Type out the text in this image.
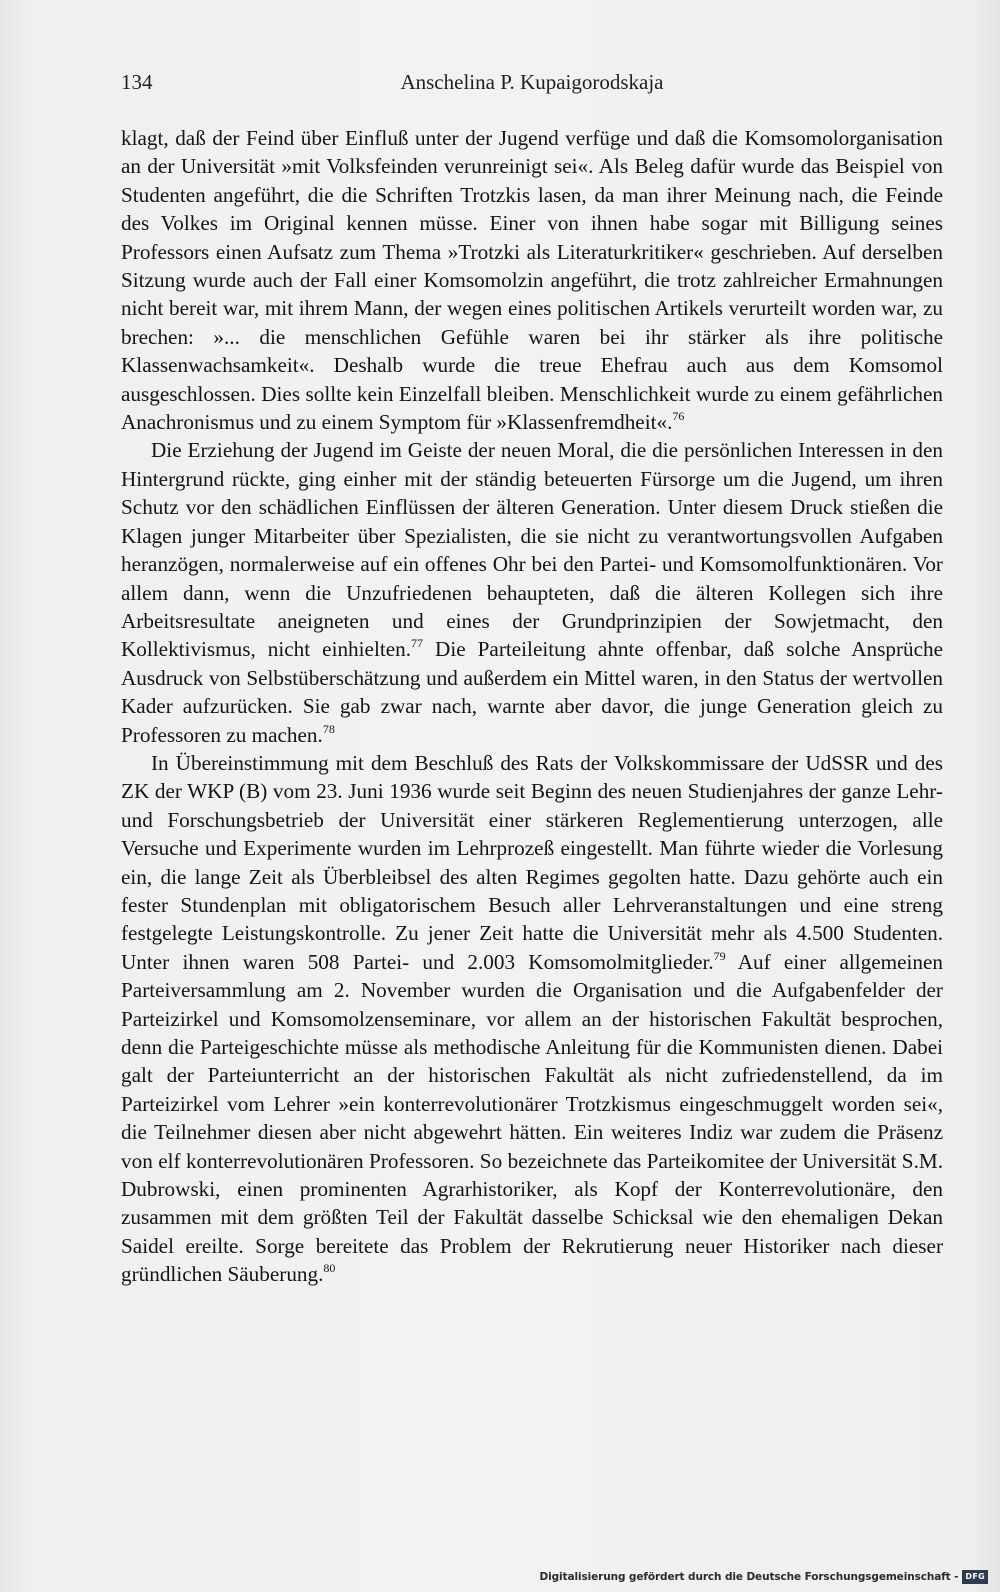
134	Anschelina P. Kupaigorodskaja

klagt, daß der Feind über Einfluß unter der Jugend verfüge und daß die Komsomolorganisation an der Universität »mit Volksfeinden verunreinigt sei«. Als Beleg dafür wurde das Beispiel von Studenten angeführt, die die Schriften Trotzkis lasen, da man ihrer Meinung nach, die Feinde des Volkes im Original kennen müsse. Einer von ihnen habe sogar mit Billigung seines Professors einen Aufsatz zum Thema »Trotzki als Literaturkritiker« geschrieben. Auf derselben Sitzung wurde auch der Fall einer Komsomolzin angeführt, die trotz zahlreicher Ermahnungen nicht bereit war, mit ihrem Mann, der wegen eines politischen Artikels verurteilt worden war, zu brechen: »... die menschlichen Gefühle waren bei ihr stärker als ihre politische Klassenwachsamkeit«. Deshalb wurde die treue Ehefrau auch aus dem Komsomol ausgeschlossen. Dies sollte kein Einzelfall bleiben. Menschlichkeit wurde zu einem gefährlichen Anachronismus und zu einem Symptom für »Klassenfremdheit«.$^{76}$

Die Erziehung der Jugend im Geiste der neuen Moral, die die persönlichen Interessen in den Hintergrund rückte, ging einher mit der ständig beteuerten Fürsorge um die Jugend, um ihren Schutz vor den schädlichen Einflüssen der älteren Generation. Unter diesem Druck stießen die Klagen junger Mitarbeiter über Spezialisten, die sie nicht zu verantwortungsvollen Aufgaben heranzögen, normalerweise auf ein offenes Ohr bei den Partei- und Komsomolfunktionären. Vor allem dann, wenn die Unzufriedenen behaupteten, daß die älteren Kollegen sich ihre Arbeitsresultate aneigneten und eines der Grundprinzipien der Sowjetmacht, den Kollektivismus, nicht einhielten.$^{77}$ Die Parteileitung ahnte offenbar, daß solche Ansprüche Ausdruck von Selbstüberschätzung und außerdem ein Mittel waren, in den Status der wertvollen Kader aufzurücken. Sie gab zwar nach, warnte aber davor, die junge Generation gleich zu Professoren zu machen.$^{78}$

In Übereinstimmung mit dem Beschluß des Rats der Volkskommissare der UdSSR und des ZK der WKP (B) vom 23. Juni 1936 wurde seit Beginn des neuen Studienjahres der ganze Lehr- und Forschungsbetrieb der Universität einer stärkeren Reglementierung unterzogen, alle Versuche und Experimente wurden im Lehrprozeß eingestellt. Man führte wieder die Vorlesung ein, die lange Zeit als Überbleibsel des alten Regimes gegolten hatte. Dazu gehörte auch ein fester Stundenplan mit obligatorischem Besuch aller Lehrveranstaltungen und eine streng festgelegte Leistungskontrolle. Zu jener Zeit hatte die Universität mehr als 4.500 Studenten. Unter ihnen waren 508 Partei- und 2.003 Komsomolmitglieder.$^{79}$ Auf einer allgemeinen Parteiversammlung am 2. November wurden die Organisation und die Aufgabenfelder der Parteizirkel und Komsomolzenseminare, vor allem an der historischen Fakultät besprochen, denn die Parteigeschichte müsse als methodische Anleitung für die Kommunisten dienen. Dabei galt der Parteiunterricht an der historischen Fakultät als nicht zufriedenstellend, da im Parteizirkel vom Lehrer »ein konterrevolutionärer Trotzkismus eingeschmuggelt worden sei«, die Teilnehmer diesen aber nicht abgewehrt hätten. Ein weiteres Indiz war zudem die Präsenz von elf konterrevolutionären Professoren. So bezeichnete das Parteikomitee der Universität S.M. Dubrowski, einen prominenten Agrarhistoriker, als Kopf der Konterrevolutionäre, den zusammen mit dem größten Teil der Fakultät dasselbe Schicksal wie den ehemaligen Dekan Saidel ereilte. Sorge bereitete das Problem der Rekrutierung neuer Historiker nach dieser gründlichen Säuberung.$^{80}$

Digitalisierung gefördert durch die Deutsche Forschungsgemeinschaft - DFG
